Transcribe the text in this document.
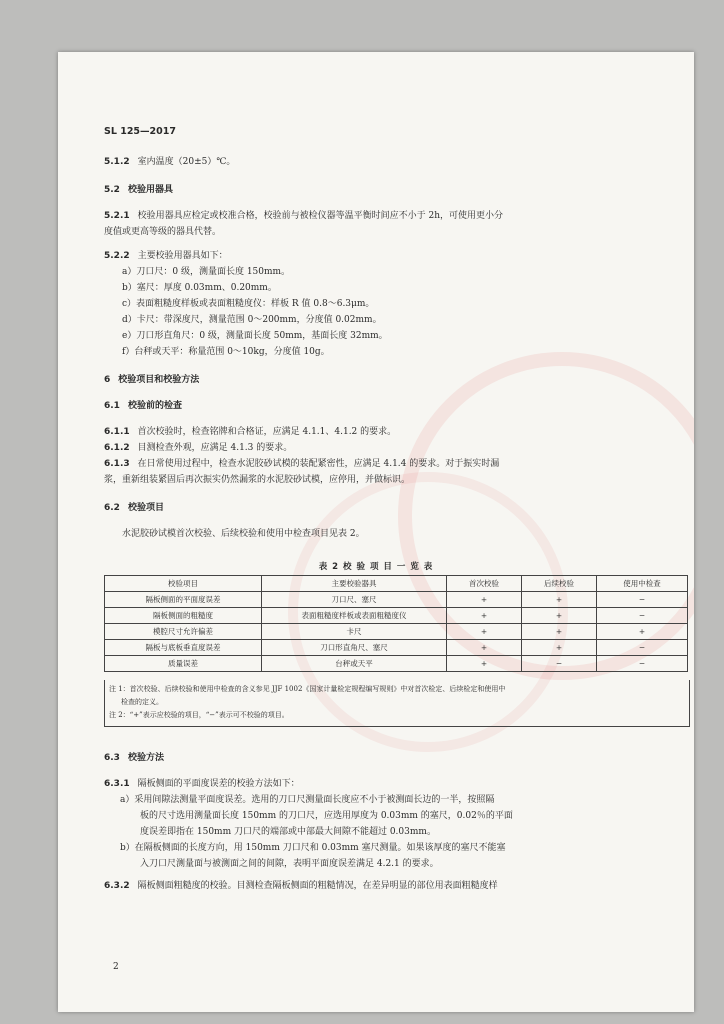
SL 125—2017
5.1.2 室内温度（20±5）℃。
5.2 校验用器具
5.2.1 校验用器具应检定或校准合格，校验前与被检仪器等温平衡时间应不小于 2h，可使用更小分
度值或更高等级的器具代替。
5.2.2 主要校验用器具如下：
a）刀口尺：0 级，测量面长度 150mm。
b）塞尺：厚度 0.03mm、0.20mm。
c）表面粗糙度样板或表面粗糙度仪：样板 R 值 0.8～6.3μm。
d）卡尺：带深度尺，测量范围 0～200mm，分度值 0.02mm。
e）刀口形直角尺：0 级，测量面长度 50mm，基面长度 32mm。
f）台秤或天平：称量范围 0～10kg，分度值 10g。
6 校验项目和校验方法
6.1 校验前的检查
6.1.1 首次校验时，检查铭牌和合格证，应满足 4.1.1、4.1.2 的要求。
6.1.2 目测检查外观，应满足 4.1.3 的要求。
6.1.3 在日常使用过程中，检查水泥胶砂试模的装配紧密性，应满足 4.1.4 的要求。对于振实时漏
浆，重新组装紧固后再次振实仍然漏浆的水泥胶砂试模，应停用，并做标识。
6.2 校验项目
水泥胶砂试模首次校验、后续校验和使用中检查项目见表 2。
6.3 校验方法
6.3.1 隔板侧面的平面度误差的校验方法如下：
a）采用间隙法测量平面度误差。选用的刀口尺测量面长度应不小于被测面长边的一半，按照隔
板的尺寸选用测量面长度 150mm 的刀口尺，应选用厚度为 0.03mm 的塞尺，0.02％的平面
度误差即指在 150mm 刀口尺的端部或中部最大间隙不能超过 0.03mm。
b）在隔板侧面的长度方向，用 150mm 刀口尺和 0.03mm 塞尺测量。如果该厚度的塞尺不能塞
入刀口尺测量面与被测面之间的间隙，表明平面度误差满足 4.2.1 的要求。
6.3.2 隔板侧面粗糙度的校验。目测检查隔板侧面的粗糙情况，在差异明显的部位用表面粗糙度样
表 2 校 验 项 目 一 览 表
校验项目	主要校验器具	首次校验	后续校验	使用中检查
隔板侧面的平面度误差	刀口尺、塞尺	+	+	−
隔板侧面的粗糙度	表面粗糙度样板或表面粗糙度仪	+	+	−
模腔尺寸允许偏差	卡尺	+	+	+
隔板与底板垂直度误差	刀口形直角尺、塞尺	+	+	−
质量误差	台秤或天平	+	−	−
注 1：首次校验、后续校验和使用中检查的含义参见 JJF 1002《国家计量检定规程编写规则》中对首次检定、后续检定和使用中
检查的定义。
注 2：“+”表示应校验的项目，“−”表示可不校验的项目。
2
